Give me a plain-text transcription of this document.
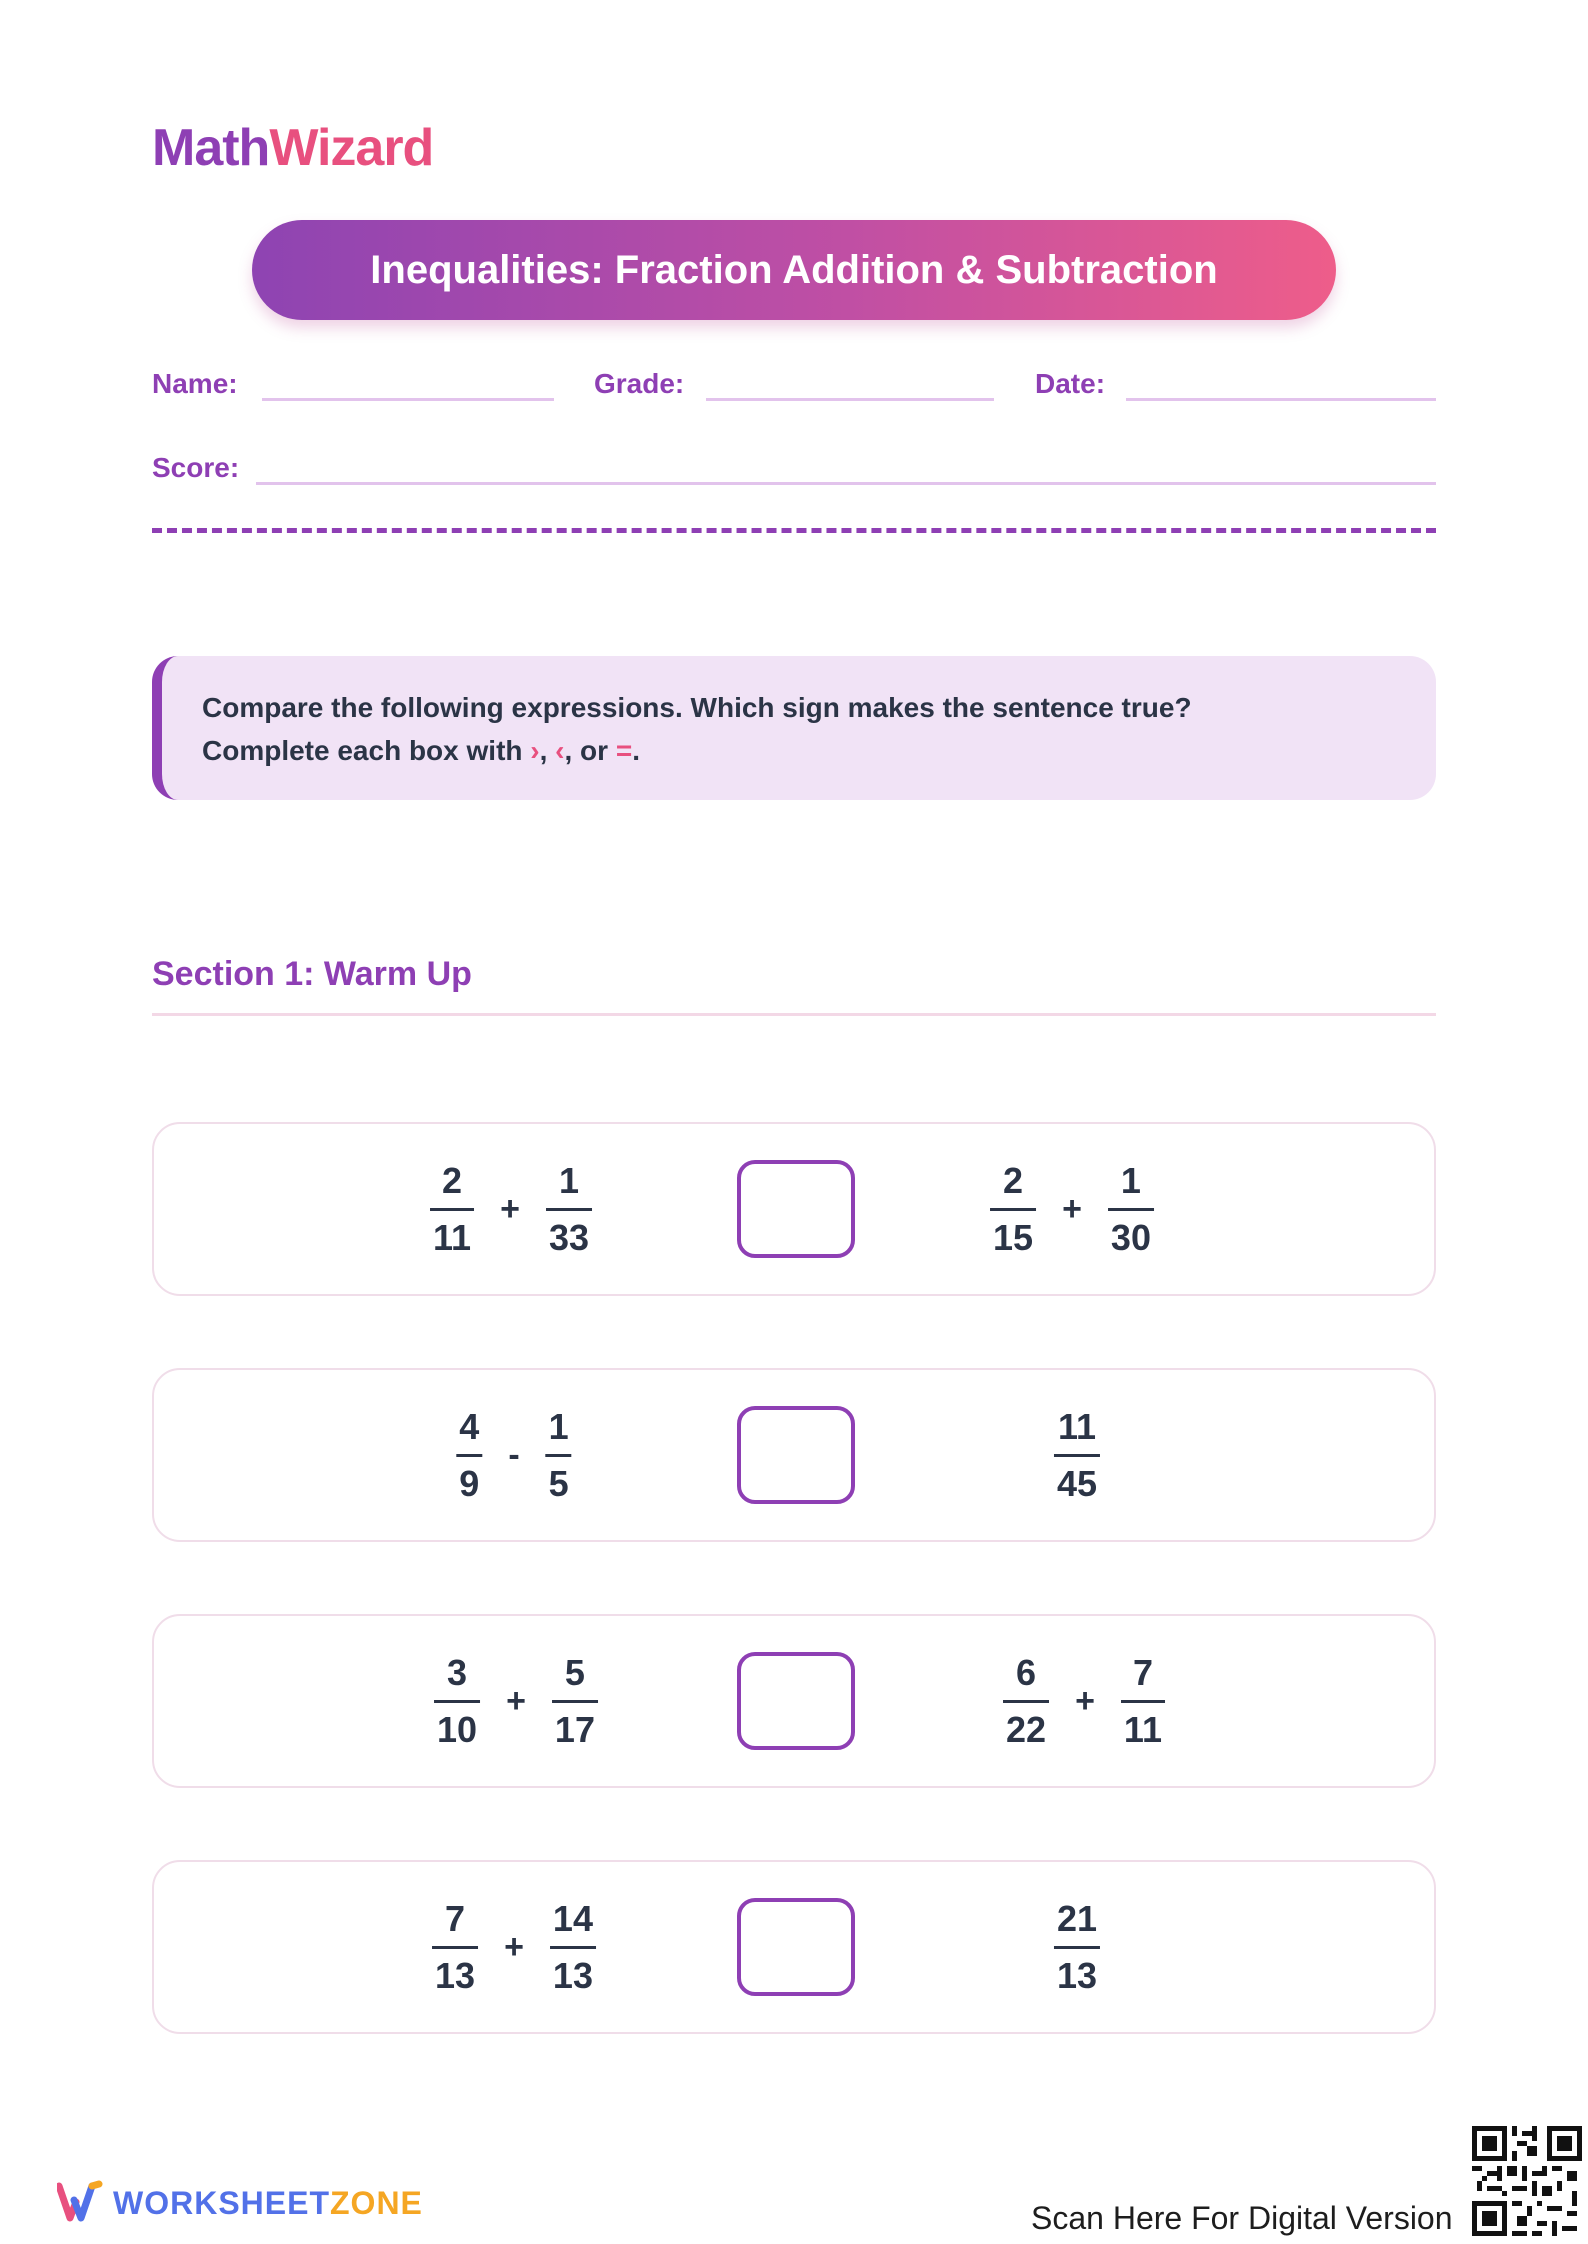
MathWizard
Inequalities: Fraction Addition & Subtraction
Name:	Grade:	Date:
Score:
Compare the following expressions. Which sign makes the sentence true?
Complete each box with ›, ‹, or =.
Section 1: Warm Up
$\frac{2}{11} + \frac{1}{33}$	$\frac{2}{15} + \frac{1}{30}$
$\frac{4}{9} - \frac{1}{5}$	$\frac{11}{45}$
$\frac{3}{10} + \frac{5}{17}$	$\frac{6}{22} + \frac{7}{11}$
$\frac{7}{13} + \frac{14}{13}$	$\frac{21}{13}$
WORKSHEETZONE	Scan Here For Digital Version
